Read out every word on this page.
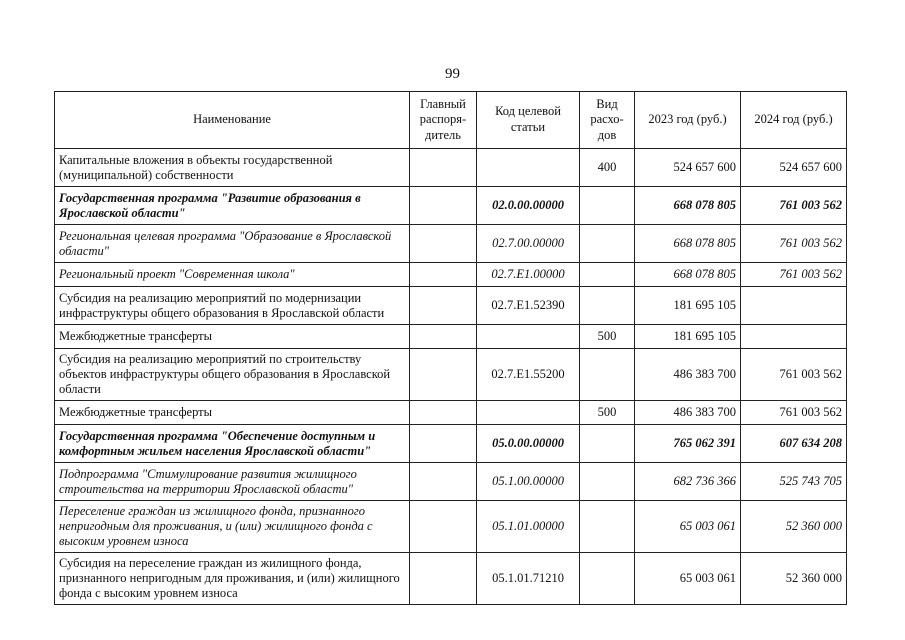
99
Наименование	Главный распоря-дитель	Код целевой статьи	Вид расхо-дов	2023 год (руб.)	2024 год (руб.)
Капитальные вложения в объекты государственной (муниципальной) собственности			400	524 657 600	524 657 600
Государственная программа "Развитие образования в Ярославской области"		02.0.00.00000		668 078 805	761 003 562
Региональная целевая программа "Образование в Ярославской области"		02.7.00.00000		668 078 805	761 003 562
Региональный проект "Современная школа"		02.7.E1.00000		668 078 805	761 003 562
Субсидия на реализацию мероприятий по модернизации инфраструктуры общего образования в Ярославской области		02.7.E1.52390		181 695 105	
Межбюджетные трансферты			500	181 695 105	
Субсидия на реализацию мероприятий по строительству объектов инфраструктуры общего образования в Ярославской области		02.7.E1.55200		486 383 700	761 003 562
Межбюджетные трансферты			500	486 383 700	761 003 562
Государственная программа "Обеспечение доступным и комфортным жильем населения Ярославской области"		05.0.00.00000		765 062 391	607 634 208
Подпрограмма "Стимулирование развития жилищного строительства на территории Ярославской области"		05.1.00.00000		682 736 366	525 743 705
Переселение граждан из жилищного фонда, признанного непригодным для проживания, и (или) жилищного фонда с высоким уровнем износа		05.1.01.00000		65 003 061	52 360 000
Субсидия на переселение граждан из жилищного фонда, признанного непригодным для проживания, и (или) жилищного фонда с высоким уровнем износа		05.1.01.71210		65 003 061	52 360 000
